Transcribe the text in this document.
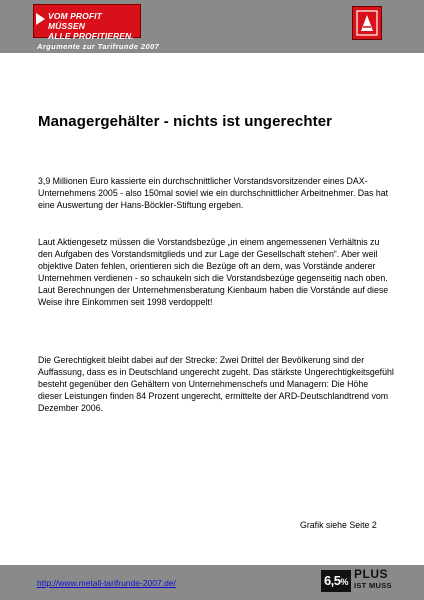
VOM PROFIT MÜSSEN
ALLE PROFITIEREN.
Argumente zur Tarifrunde 2007
Managergehälter - nichts ist ungerechter

3,9 Millionen Euro kassierte ein durchschnittlicher Vorstandsvorsitzender eines DAX-Unternehmens 2005 - also 150mal soviel wie ein durchschnittlicher Arbeitnehmer. Das hat eine Auswertung der Hans-Böckler-Stiftung ergeben.

Laut Aktiengesetz müssen die Vorstandsbezüge „in einem angemessenen Verhältnis zu den Aufgaben des Vorstandsmitglieds und zur Lage der Gesellschaft stehen“. Aber weil objektive Daten fehlen, orientieren sich die Bezüge oft an dem, was Vorstände anderer Unternehmen verdienen - so schaukeln sich die Vorstandsbezüge gegenseitig nach oben. Laut Berechnungen der Unternehmensberatung Kienbaum haben die Vorstände auf diese Weise ihre Einkommen seit 1998 verdoppelt!

Die Gerechtigkeit bleibt dabei auf der Strecke: Zwei Drittel der Bevölkerung sind der Auffassung, dass es in Deutschland ungerecht zugeht. Das stärkste Ungerechtigkeitsgefühl besteht gegenüber den Gehältern von Unternehmenschefs und Managern: Die Höhe dieser Leistungen finden 84 Prozent ungerecht, ermittelte der ARD-Deutschlandtrend vom Dezember 2006.

Grafik siehe Seite 2
http://www.metall-tarifrunde-2007.de/	6,5%
PLUS
IST MUSS
